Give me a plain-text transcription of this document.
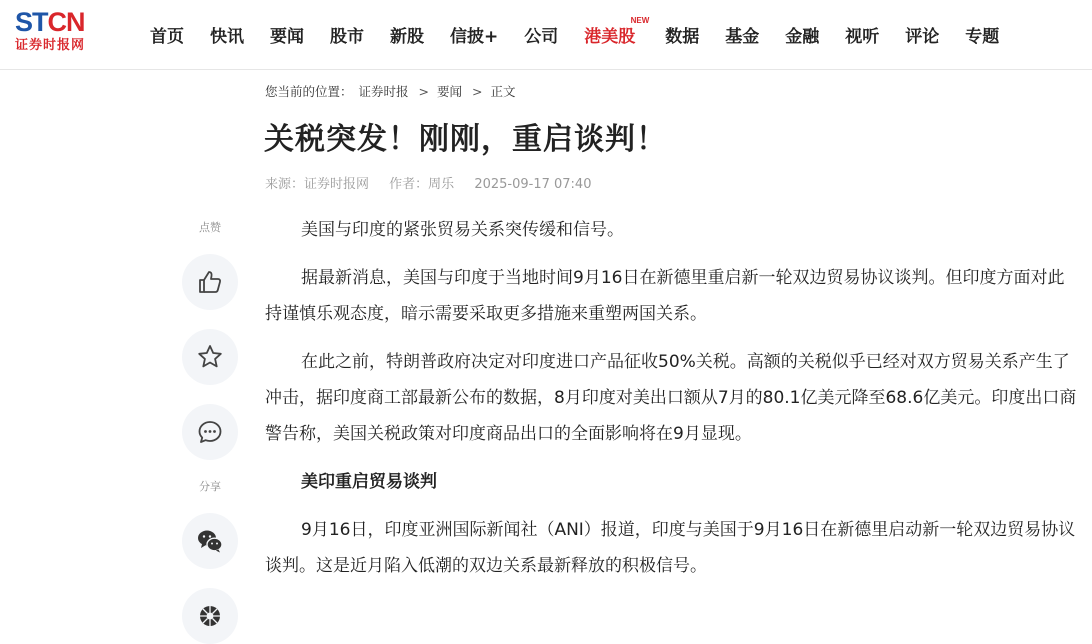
STCN
证券时报网	首页 快讯 要闻 股市 新股 信披+ 公司 港美股
NEW
数据 基金 金融 视听 评论 专题
您当前的位置： 证券时报 > 要闻 > 正文
关税突发！刚刚，重启谈判！
来源：证券时报网 作者：周乐 2025-09-17 07:40
点赞
分享

美国与印度的紧张贸易关系突传缓和信号。

据最新消息，美国与印度于当地时间9月16日在新德里重启新一轮双边贸易协议谈判。但印度方面对此持谨慎乐观态度，暗示需要采取更多措施来重塑两国关系。

在此之前，特朗普政府决定对印度进口产品征收50%关税。高额的关税似乎已经对双方贸易关系产生了冲击，据印度商工部最新公布的数据，8月印度对美出口额从7月的80.1亿美元降至68.6亿美元。印度出口商警告称，美国关税政策对印度商品出口的全面影响将在9月显现。

美印重启贸易谈判

9月16日，印度亚洲国际新闻社（ANI）报道，印度与美国于9月16日在新德里启动新一轮双边贸易协议谈判。这是近月陷入低潮的双边关系最新释放的积极信号。
